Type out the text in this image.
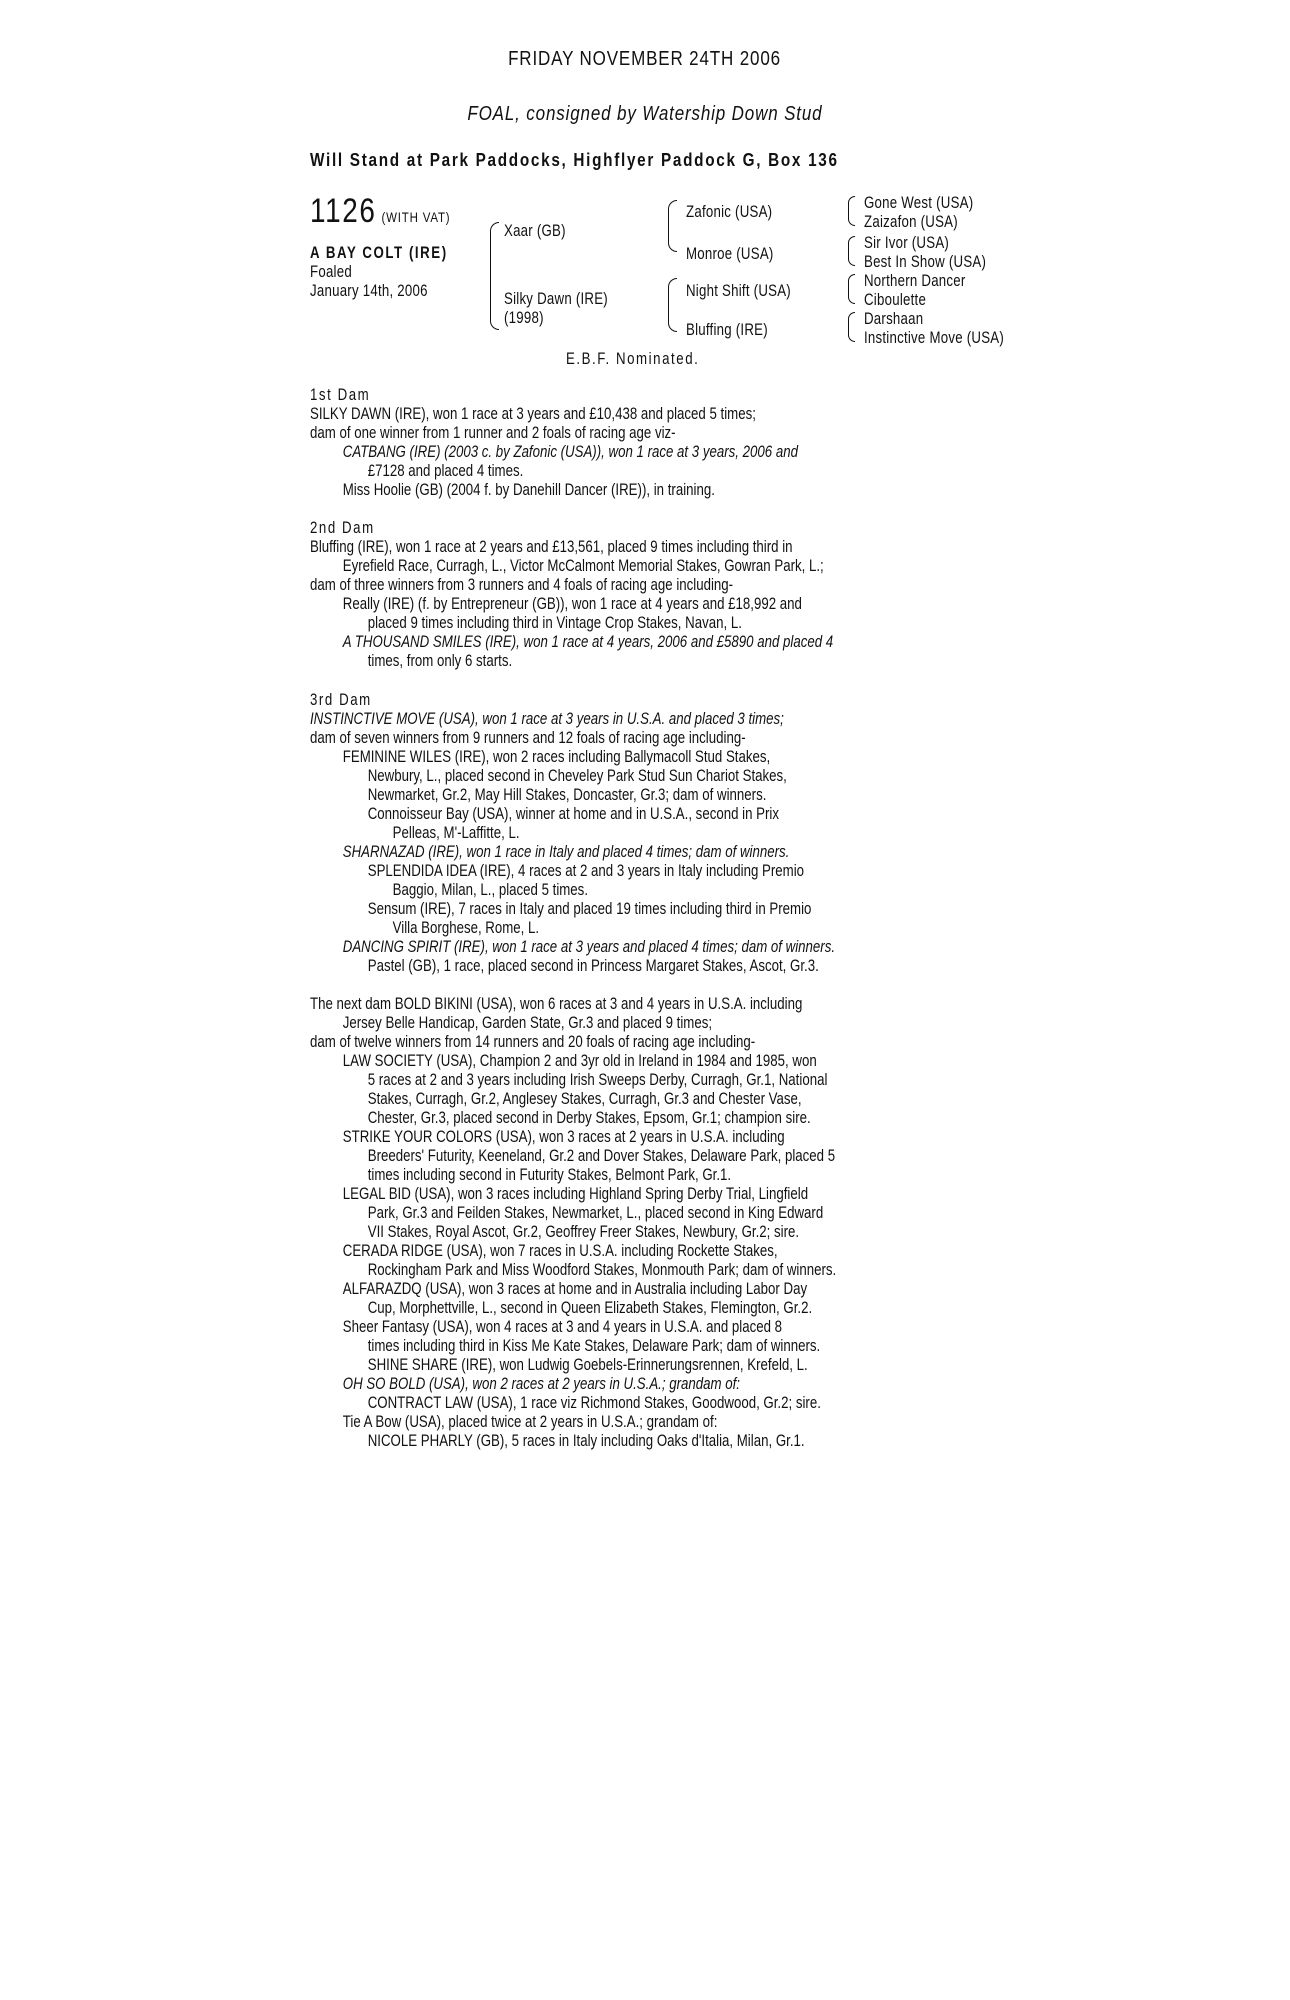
FRIDAY NOVEMBER 24TH 2006
FOAL, consigned by Watership Down Stud
Will Stand at Park Paddocks, Highflyer Paddock G, Box 136
1126 (WITH VAT)
A BAY COLT (IRE)
Foaled
January 14th, 2006
Xaar (GB)
Silky Dawn (IRE)
(1998)
Zafonic (USA)
Monroe (USA)
Night Shift (USA)
Bluffing (IRE)
Gone West (USA)
Zaizafon (USA)
Sir Ivor (USA)
Best In Show (USA)
Northern Dancer
Ciboulette
Darshaan
Instinctive Move (USA)
E.B.F. Nominated.
1st Dam
SILKY DAWN (IRE), won 1 race at 3 years and £10,438 and placed 5 times;
dam of one winner from 1 runner and 2 foals of racing age viz-
CATBANG (IRE) (2003 c. by Zafonic (USA)), won 1 race at 3 years, 2006 and
£7128 and placed 4 times.
Miss Hoolie (GB) (2004 f. by Danehill Dancer (IRE)), in training.
2nd Dam
Bluffing (IRE), won 1 race at 2 years and £13,561, placed 9 times including third in
Eyrefield Race, Curragh, L., Victor McCalmont Memorial Stakes, Gowran Park, L.;
dam of three winners from 3 runners and 4 foals of racing age including-
Really (IRE) (f. by Entrepreneur (GB)), won 1 race at 4 years and £18,992 and
placed 9 times including third in Vintage Crop Stakes, Navan, L.
A THOUSAND SMILES (IRE), won 1 race at 4 years, 2006 and £5890 and placed 4
times, from only 6 starts.
3rd Dam
INSTINCTIVE MOVE (USA), won 1 race at 3 years in U.S.A. and placed 3 times;
dam of seven winners from 9 runners and 12 foals of racing age including-
FEMININE WILES (IRE), won 2 races including Ballymacoll Stud Stakes,
Newbury, L., placed second in Cheveley Park Stud Sun Chariot Stakes,
Newmarket, Gr.2, May Hill Stakes, Doncaster, Gr.3; dam of winners.
Connoisseur Bay (USA), winner at home and in U.S.A., second in Prix
Pelleas, M'-Laffitte, L.
SHARNAZAD (IRE), won 1 race in Italy and placed 4 times; dam of winners.
SPLENDIDA IDEA (IRE), 4 races at 2 and 3 years in Italy including Premio
Baggio, Milan, L., placed 5 times.
Sensum (IRE), 7 races in Italy and placed 19 times including third in Premio
Villa Borghese, Rome, L.
DANCING SPIRIT (IRE), won 1 race at 3 years and placed 4 times; dam of winners.
Pastel (GB), 1 race, placed second in Princess Margaret Stakes, Ascot, Gr.3.
The next dam BOLD BIKINI (USA), won 6 races at 3 and 4 years in U.S.A. including
Jersey Belle Handicap, Garden State, Gr.3 and placed 9 times;
dam of twelve winners from 14 runners and 20 foals of racing age including-
LAW SOCIETY (USA), Champion 2 and 3yr old in Ireland in 1984 and 1985, won
5 races at 2 and 3 years including Irish Sweeps Derby, Curragh, Gr.1, National
Stakes, Curragh, Gr.2, Anglesey Stakes, Curragh, Gr.3 and Chester Vase,
Chester, Gr.3, placed second in Derby Stakes, Epsom, Gr.1; champion sire.
STRIKE YOUR COLORS (USA), won 3 races at 2 years in U.S.A. including
Breeders' Futurity, Keeneland, Gr.2 and Dover Stakes, Delaware Park, placed 5
times including second in Futurity Stakes, Belmont Park, Gr.1.
LEGAL BID (USA), won 3 races including Highland Spring Derby Trial, Lingfield
Park, Gr.3 and Feilden Stakes, Newmarket, L., placed second in King Edward
VII Stakes, Royal Ascot, Gr.2, Geoffrey Freer Stakes, Newbury, Gr.2; sire.
CERADA RIDGE (USA), won 7 races in U.S.A. including Rockette Stakes,
Rockingham Park and Miss Woodford Stakes, Monmouth Park; dam of winners.
ALFARAZDQ (USA), won 3 races at home and in Australia including Labor Day
Cup, Morphettville, L., second in Queen Elizabeth Stakes, Flemington, Gr.2.
Sheer Fantasy (USA), won 4 races at 3 and 4 years in U.S.A. and placed 8
times including third in Kiss Me Kate Stakes, Delaware Park; dam of winners.
SHINE SHARE (IRE), won Ludwig Goebels-Erinnerungsrennen, Krefeld, L.
OH SO BOLD (USA), won 2 races at 2 years in U.S.A.; grandam of:
CONTRACT LAW (USA), 1 race viz Richmond Stakes, Goodwood, Gr.2; sire.
Tie A Bow (USA), placed twice at 2 years in U.S.A.; grandam of:
NICOLE PHARLY (GB), 5 races in Italy including Oaks d'Italia, Milan, Gr.1.
